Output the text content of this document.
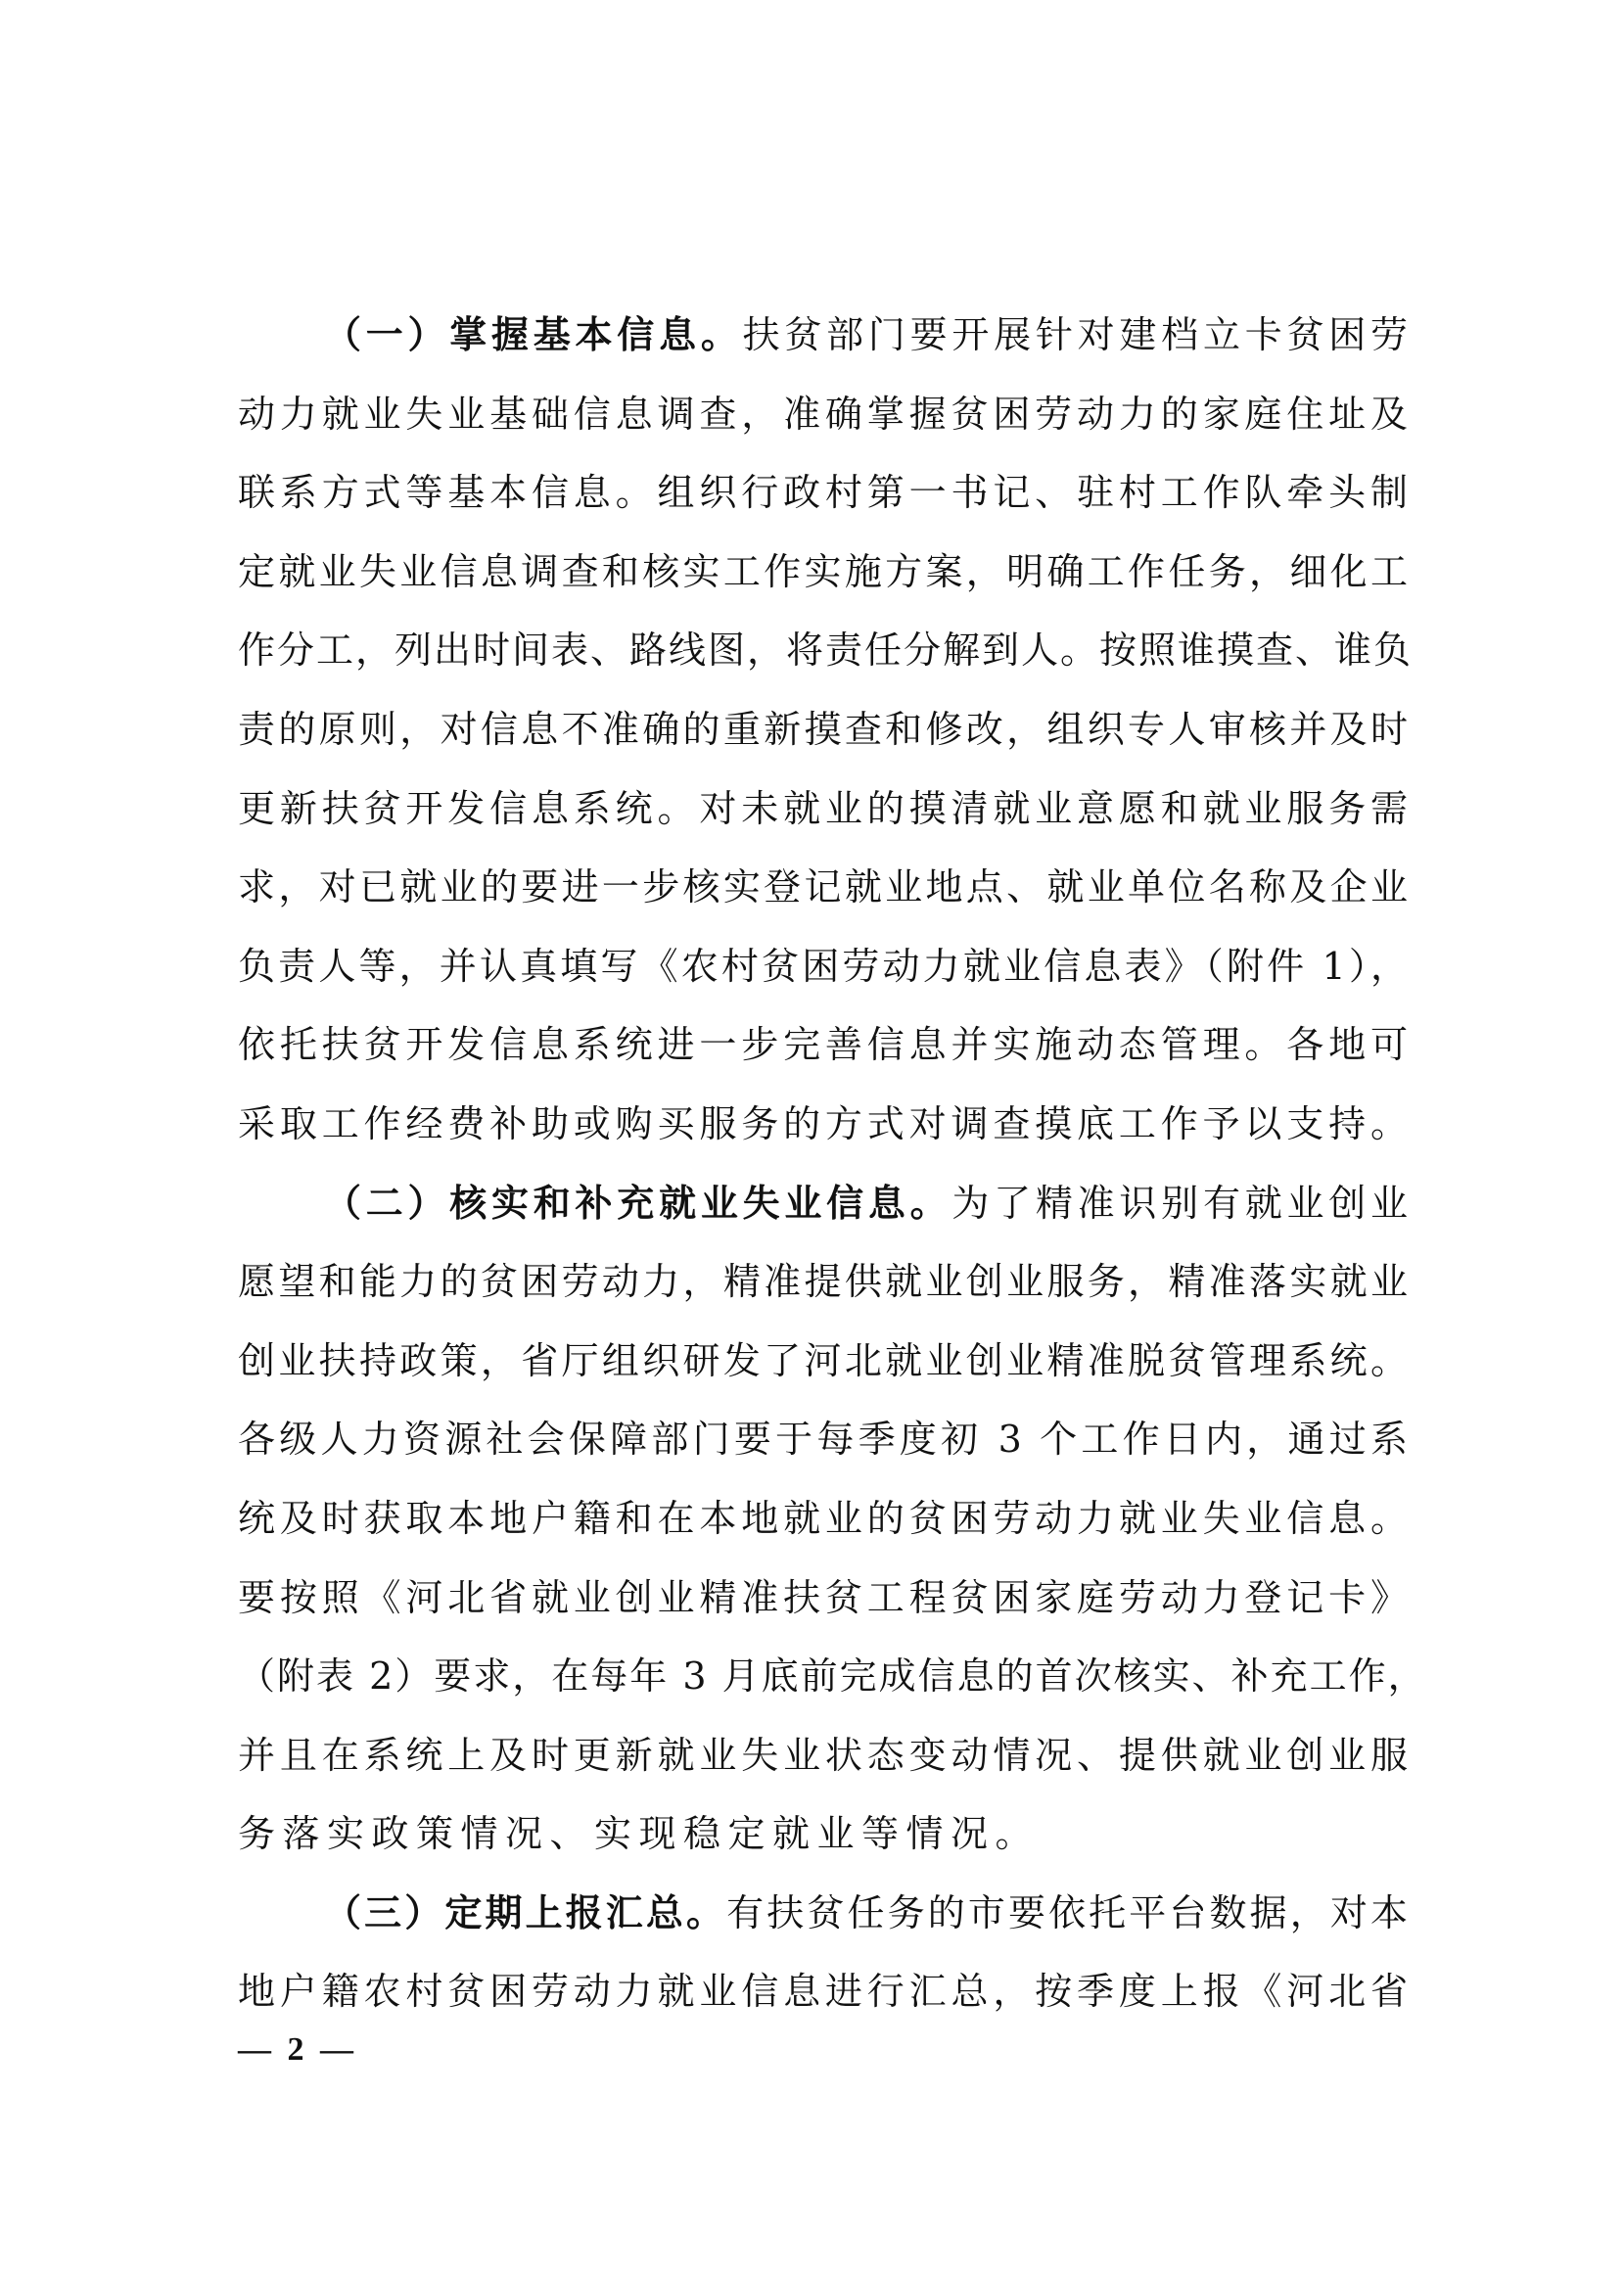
（一）掌握基本信息。扶贫部门要开展针对建档立卡贫困劳
动力就业失业基础信息调查，准确掌握贫困劳动力的家庭住址及
联系方式等基本信息。组织行政村第一书记、驻村工作队牵头制
定就业失业信息调查和核实工作实施方案，明确工作任务，细化工
作分工，列出时间表、路线图，将责任分解到人。按照谁摸查、谁负
责的原则，对信息不准确的重新摸查和修改，组织专人审核并及时
更新扶贫开发信息系统。对未就业的摸清就业意愿和就业服务需
求，对已就业的要进一步核实登记就业地点、就业单位名称及企业
负责人等，并认真填写《农村贫困劳动力就业信息表》（附件 1），
依托扶贫开发信息系统进一步完善信息并实施动态管理。各地可
采取工作经费补助或购买服务的方式对调查摸底工作予以支持。
（二）核实和补充就业失业信息。为了精准识别有就业创业
愿望和能力的贫困劳动力，精准提供就业创业服务，精准落实就业
创业扶持政策，省厅组织研发了河北就业创业精准脱贫管理系统。
各级人力资源社会保障部门要于每季度初 3 个工作日内，通过系
统及时获取本地户籍和在本地就业的贫困劳动力就业失业信息。
要按照《河北省就业创业精准扶贫工程贫困家庭劳动力登记卡》
（附表 2）要求，在每年 3 月底前完成信息的首次核实、补充工作，
并且在系统上及时更新就业失业状态变动情况、提供就业创业服
务落实政策情况、实现稳定就业等情况。
（三）定期上报汇总。有扶贫任务的市要依托平台数据，对本
地户籍农村贫困劳动力就业信息进行汇总，按季度上报《河北省
— 2 —
